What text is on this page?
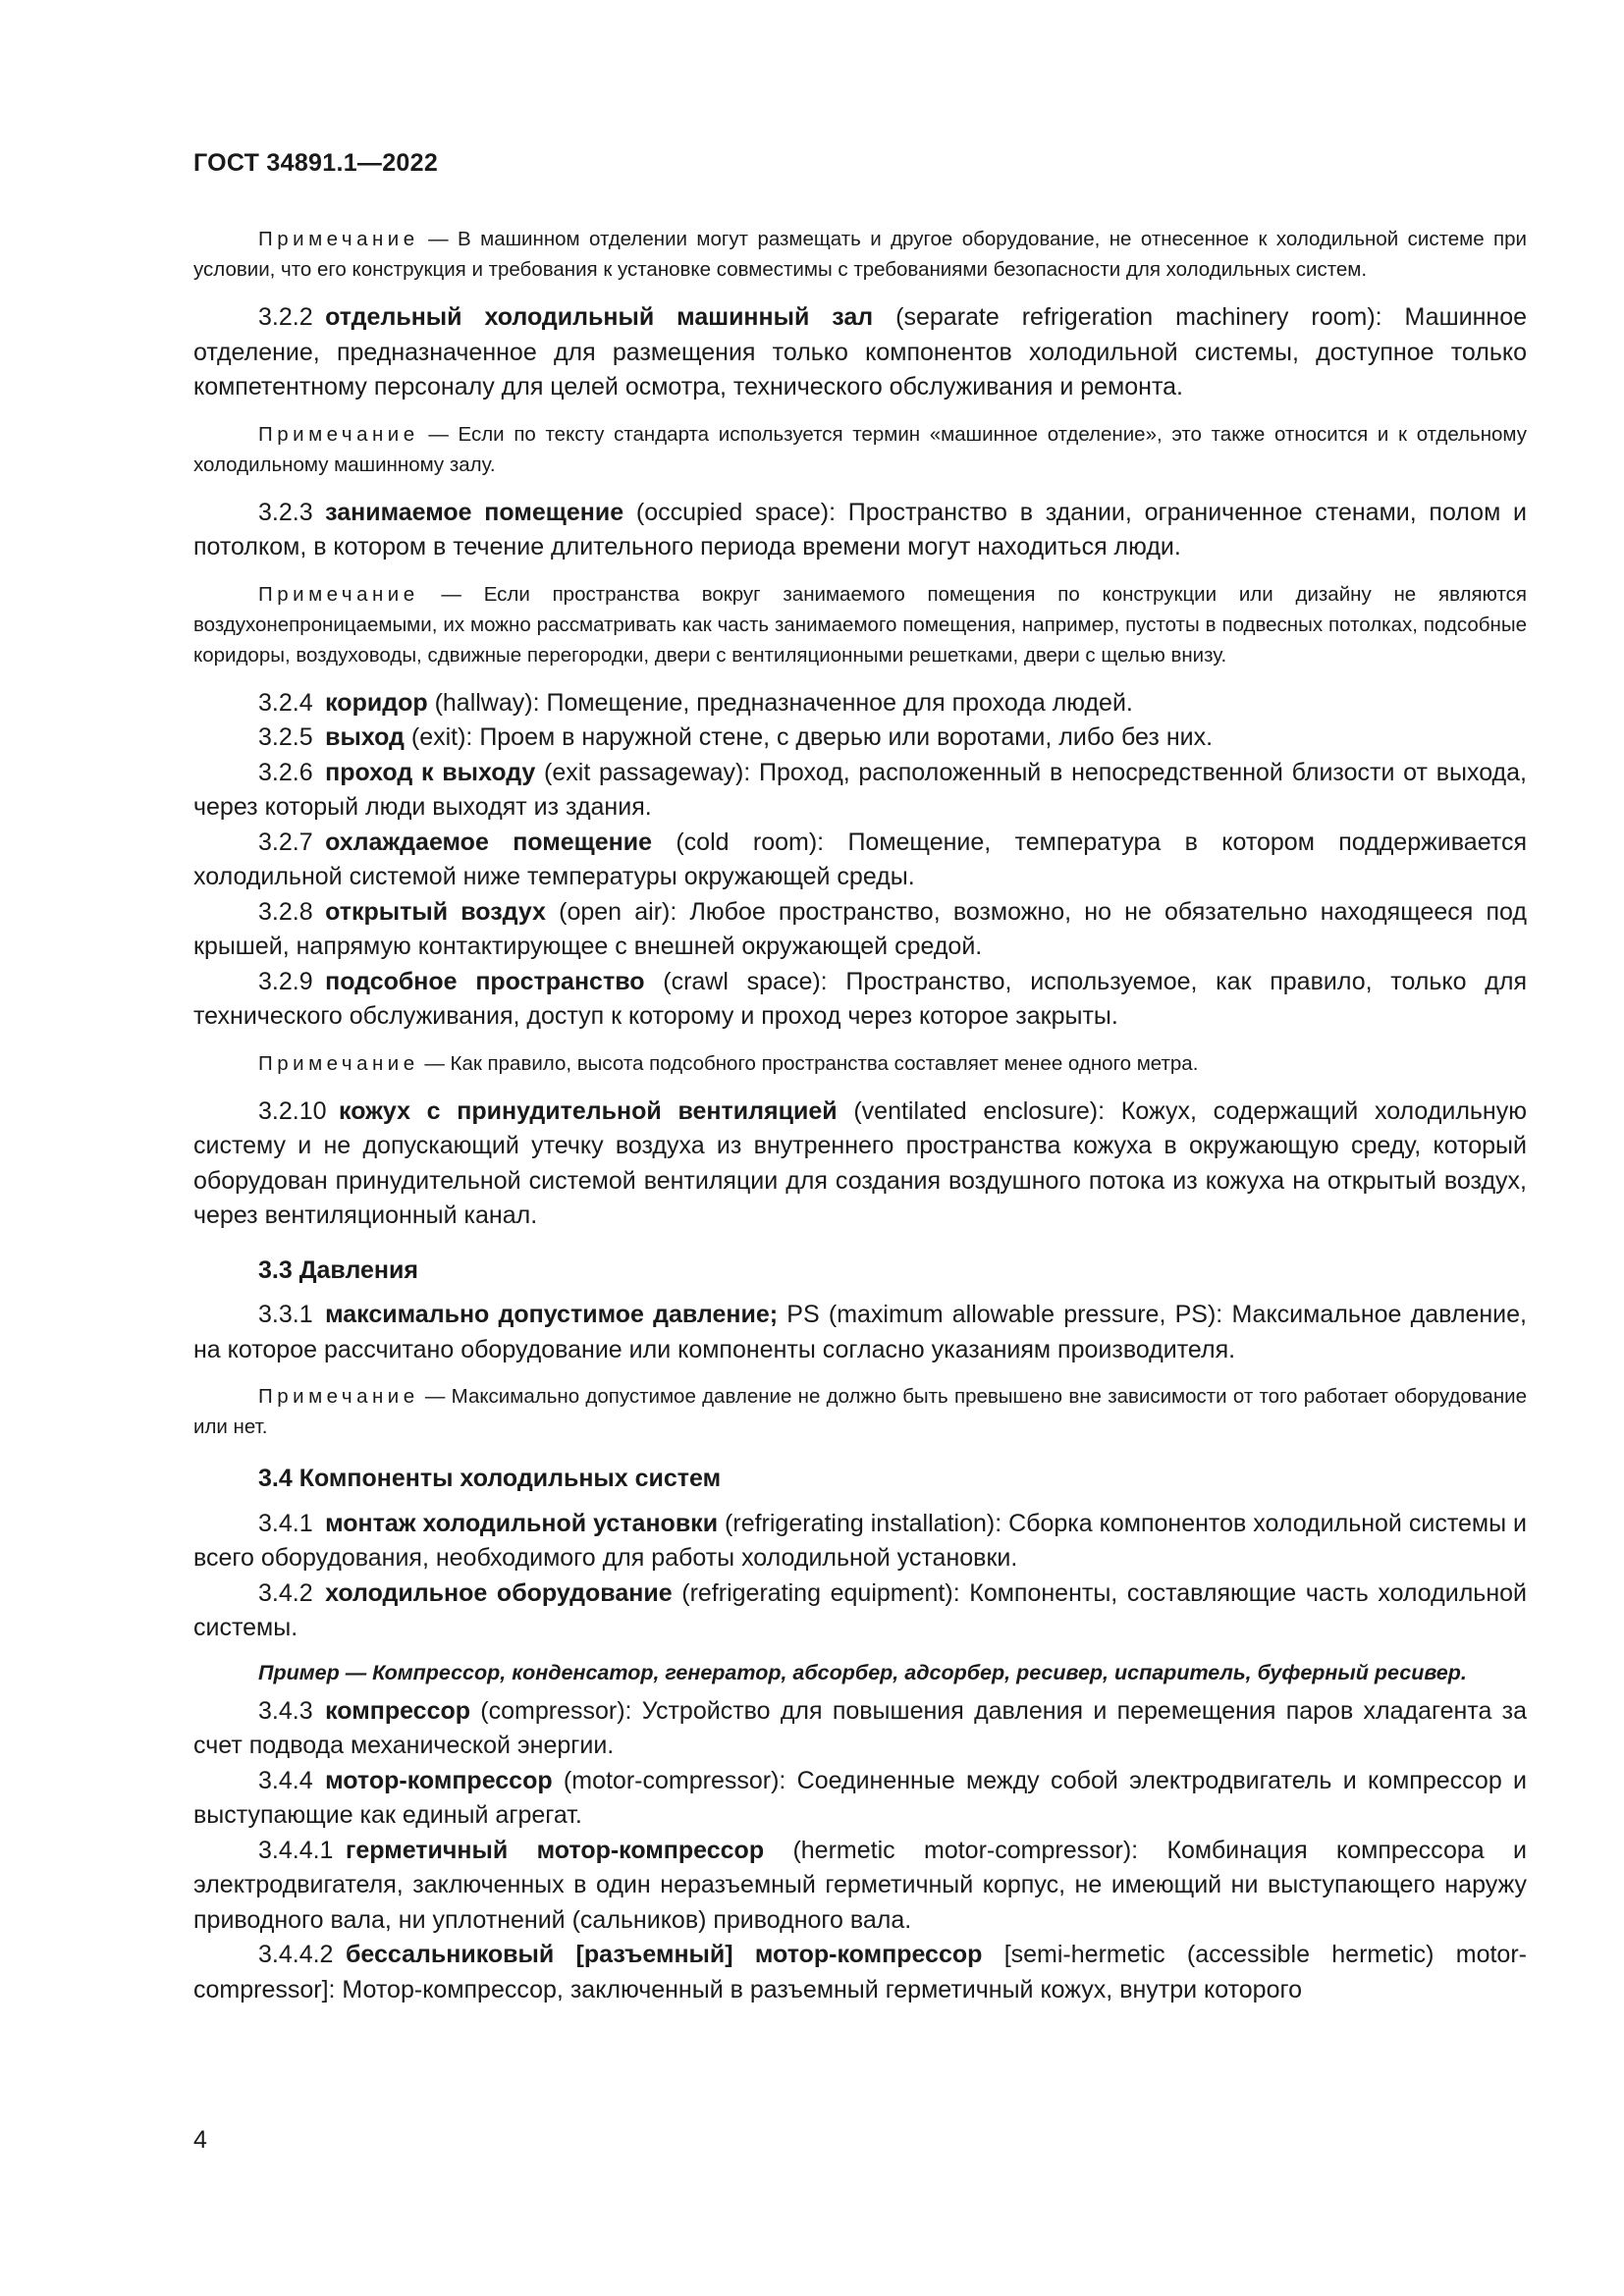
ГОСТ 34891.1—2022

Примечание — В машинном отделении могут размещать и другое оборудование, не отнесенное к холодильной системе при условии, что его конструкция и требования к установке совместимы с требованиями безопасности для холодильных систем.

3.2.2  отдельный холодильный машинный зал (separate refrigeration machinery room): Машинное отделение, предназначенное для размещения только компонентов холодильной системы, доступное только компетентному персоналу для целей осмотра, технического обслуживания и ремонта.

Примечание — Если по тексту стандарта используется термин «машинное отделение», это также относится и к отдельному холодильному машинному залу.

3.2.3  занимаемое помещение (occupied space): Пространство в здании, ограниченное стенами, полом и потолком, в котором в течение длительного периода времени могут находиться люди.

Примечание — Если пространства вокруг занимаемого помещения по конструкции или дизайну не являются воздухонепроницаемыми, их можно рассматривать как часть занимаемого помещения, например, пустоты в подвесных потолках, подсобные коридоры, воздуховоды, сдвижные перегородки, двери с вентиляционными решетками, двери с щелью внизу.

3.2.4  коридор (hallway): Помещение, предназначенное для прохода людей.

3.2.5  выход (exit): Проем в наружной стене, с дверью или воротами, либо без них.

3.2.6  проход к выходу (exit passageway): Проход, расположенный в непосредственной близости от выхода, через который люди выходят из здания.

3.2.7  охлаждаемое помещение (cold room): Помещение, температура в котором поддерживается холодильной системой ниже температуры окружающей среды.

3.2.8  открытый воздух (open air): Любое пространство, возможно, но не обязательно находящееся под крышей, напрямую контактирующее с внешней окружающей средой.

3.2.9  подсобное пространство (crawl space): Пространство, используемое, как правило, только для технического обслуживания, доступ к которому и проход через которое закрыты.

Примечание — Как правило, высота подсобного пространства составляет менее одного метра.

3.2.10  кожух с принудительной вентиляцией (ventilated enclosure): Кожух, содержащий холодильную систему и не допускающий утечку воздуха из внутреннего пространства кожуха в окружающую среду, который оборудован принудительной системой вентиляции для создания воздушного потока из кожуха на открытый воздух, через вентиляционный канал.

3.3 Давления

3.3.1  максимально допустимое давление; PS (maximum allowable pressure, PS): Максимальное давление, на которое рассчитано оборудование или компоненты согласно указаниям производителя.

Примечание — Максимально допустимое давление не должно быть превышено вне зависимости от того работает оборудование или нет.

3.4 Компоненты холодильных систем

3.4.1  монтаж холодильной установки (refrigerating installation): Сборка компонентов холодильной системы и всего оборудования, необходимого для работы холодильной установки.

3.4.2  холодильное оборудование (refrigerating equipment): Компоненты, составляющие часть холодильной системы.

Пример — Компрессор, конденсатор, генератор, абсорбер, адсорбер, ресивер, испаритель, буферный ресивер.

3.4.3  компрессор (compressor): Устройство для повышения давления и перемещения паров хладагента за счет подвода механической энергии.

3.4.4  мотор-компрессор (motor-compressor): Соединенные между собой электродвигатель и компрессор и выступающие как единый агрегат.

3.4.4.1  герметичный мотор-компрессор (hermetic motor-compressor): Комбинация компрессора и электродвигателя, заключенных в один неразъемный герметичный корпус, не имеющий ни выступающего наружу приводного вала, ни уплотнений (сальников) приводного вала.

3.4.4.2  бессальниковый [разъемный] мотор-компрессор [semi-hermetic (accessible hermetic) motor-compressor]: Мотор-компрессор, заключенный в разъемный герметичный кожух, внутри которого

4
